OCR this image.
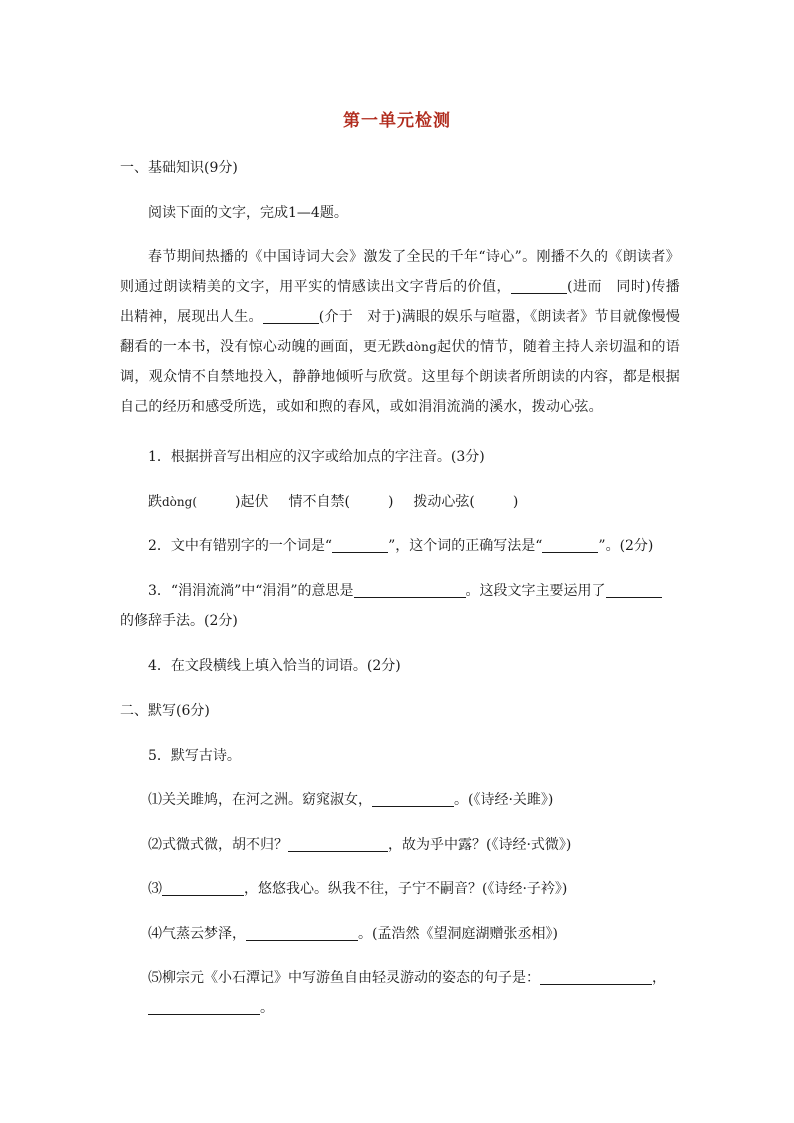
第一单元检测
一、基础知识(9分)
阅读下面的文字，完成1—4题。
春节期间热播的《中国诗词大会》激发了全民的千年“诗心”。刚播不久的《朗读者》则通过朗读精美的文字，用平实的情感读出文字背后的价值，	(进而　同时)传播出精神，展现出人生。	(介于　对于)满眼的娱乐与喧嚣，《朗读者》节目就像慢慢翻看的一本书，没有惊心动魄的画面，更无跌dòng起伏的情节，随着主持人亲切温和的语调，观众情不自禁地投入，静静地倾听与欣赏。这里每个朗读者所朗读的内容，都是根据自己的经历和感受所选，或如和煦的春风，或如涓涓流淌的溪水，拨动心弦。
1．根据拼音写出相应的汉字或给加点的字注音。(3分)
跌dòng(	)起伏 情不自禁(	) 拨动心弦(	)
2．文中有错别字的一个词是“	”，这个词的正确写法是“	”。(2分)
3．“涓涓流淌”中“涓涓”的意思是	。这段文字主要运用了
的修辞手法。(2分)
4．在文段横线上填入恰当的词语。(2分)
二、默写(6分)
5．默写古诗。
⑴关关雎鸠，在河之洲。窈窕淑女，	。(《诗经·关雎》)
⑵式微式微，胡不归？	，故为乎中露？(《诗经·式微》)
⑶	，悠悠我心。纵我不往，子宁不嗣音？(《诗经·子衿》)
⑷气蒸云梦泽，	。(孟浩然《望洞庭湖赠张丞相》)
⑸柳宗元《小石潭记》中写游鱼自由轻灵游动的姿态的句子是：	，
。
